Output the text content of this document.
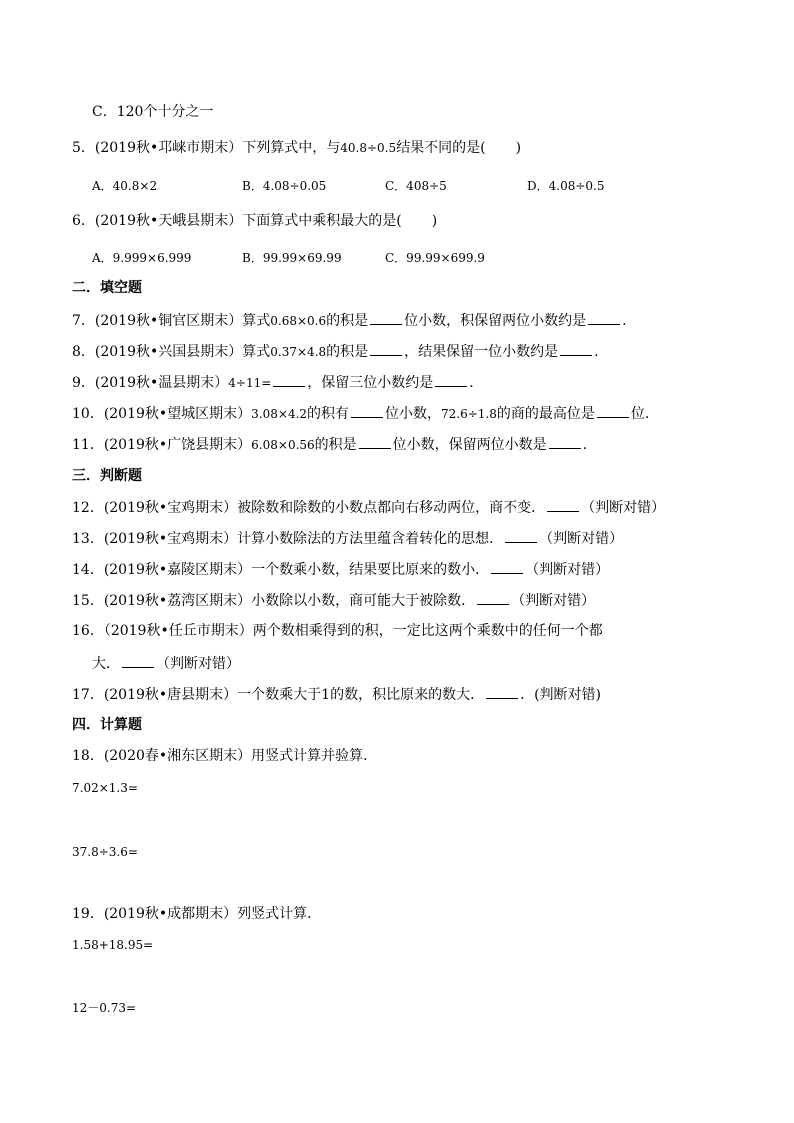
C．120个十分之一
5．(2019秋•邛崃市期末）下列算式中，与40.8÷0.5结果不同的是( )
A．40.8×2	B．4.08÷0.05	C．408÷5	D．4.08÷0.5
6．(2019秋•天峨县期末）下面算式中乘积最大的是( )
A．9.999×6.999	B．99.99×69.99	C．99.99×699.9
二．填空题
7．(2019秋•铜官区期末）算式0.68×0.6的积是	位小数，积保留两位小数约是	.
8．(2019秋•兴国县期末）算式0.37×4.8的积是	，结果保留一位小数约是	.
9．(2019秋•温县期末）4÷11=	，保留三位小数约是	.
10．(2019秋•望城区期末）3.08×4.2的积有	位小数，72.6÷1.8的商的最高位是	位.
11．(2019秋•广饶县期末）6.08×0.56的积是	位小数，保留两位小数是	.
三．判断题
12．(2019秋•宝鸡期末）被除数和除数的小数点都向右移动两位，商不变．	（判断对错）
13．(2019秋•宝鸡期末）计算小数除法的方法里蕴含着转化的思想．	（判断对错）
14．(2019秋•嘉陵区期末）一个数乘小数，结果要比原来的数小．	（判断对错）
15．(2019秋•荔湾区期末）小数除以小数，商可能大于被除数．	（判断对错）
16．（2019秋•任丘市期末）两个数相乘得到的积，一定比这两个乘数中的任何一个都
大．	（判断对错）
17．(2019秋•唐县期末）一个数乘大于1的数，积比原来的数大．	．(判断对错)
四．计算题
18．(2020春•湘东区期末）用竖式计算并验算．
7.02×1.3=
37.8÷3.6=
19．(2019秋•成都期末）列竖式计算．
1.58+18.95=
12－0.73=
